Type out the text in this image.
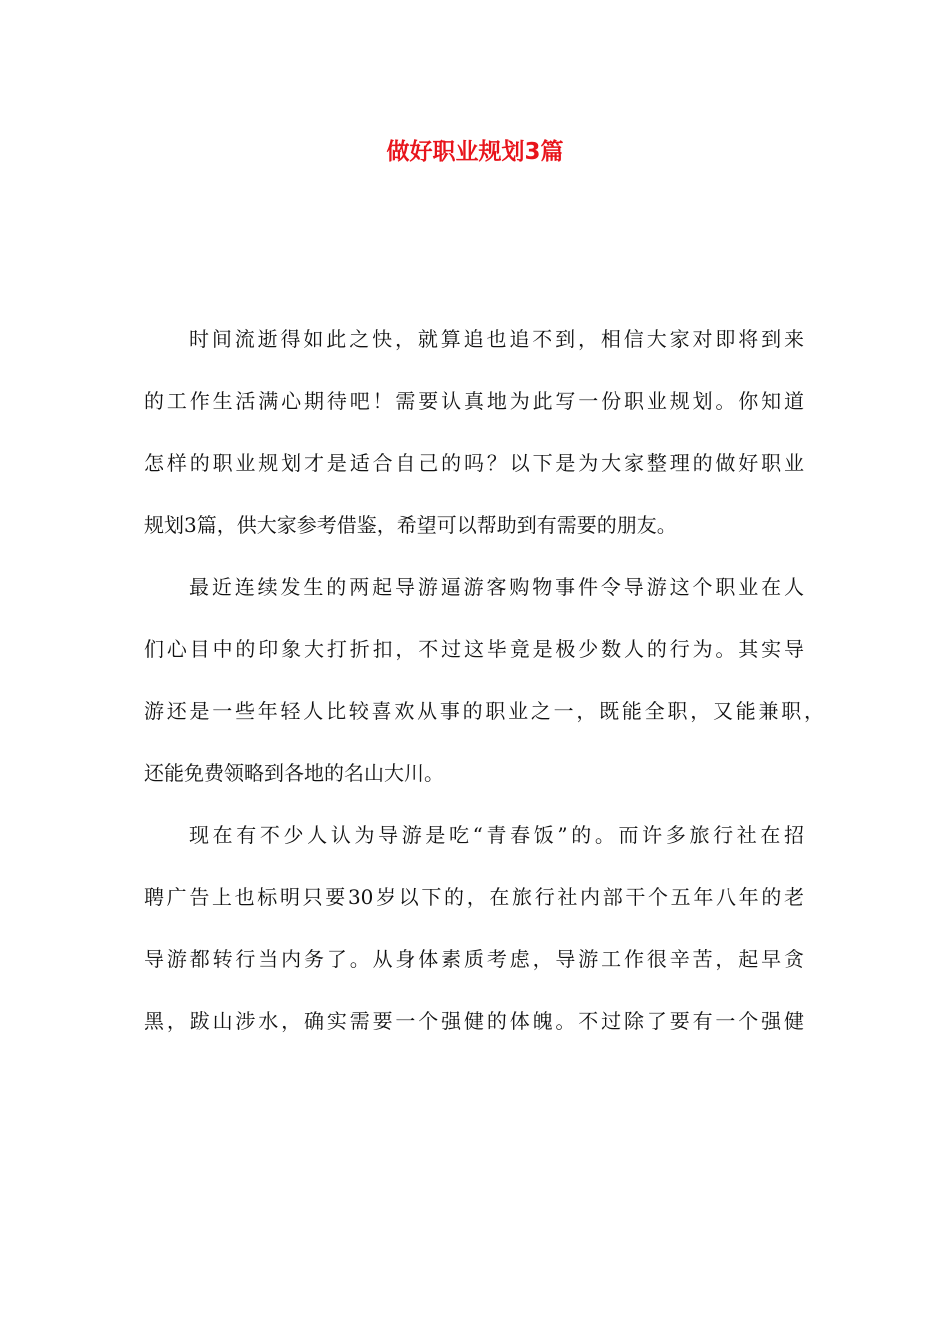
做好职业规划3篇
时间流逝得如此之快，就算追也追不到，相信大家对即将到来
的工作生活满心期待吧！需要认真地为此写一份职业规划。你知道
怎样的职业规划才是适合自己的吗？以下是为大家整理的做好职业
规划3篇，供大家参考借鉴，希望可以帮助到有需要的朋友。
最近连续发生的两起导游逼游客购物事件令导游这个职业在人
们心目中的印象大打折扣，不过这毕竟是极少数人的行为。其实导
游还是一些年轻人比较喜欢从事的职业之一，既能全职，又能兼职，
还能免费领略到各地的名山大川。
现在有不少人认为导游是吃“青春饭”的。而许多旅行社在招
聘广告上也标明只要30岁以下的，在旅行社内部干个五年八年的老
导游都转行当内务了。从身体素质考虑，导游工作很辛苦，起早贪
黑，跋山涉水，确实需要一个强健的体魄。不过除了要有一个强健
